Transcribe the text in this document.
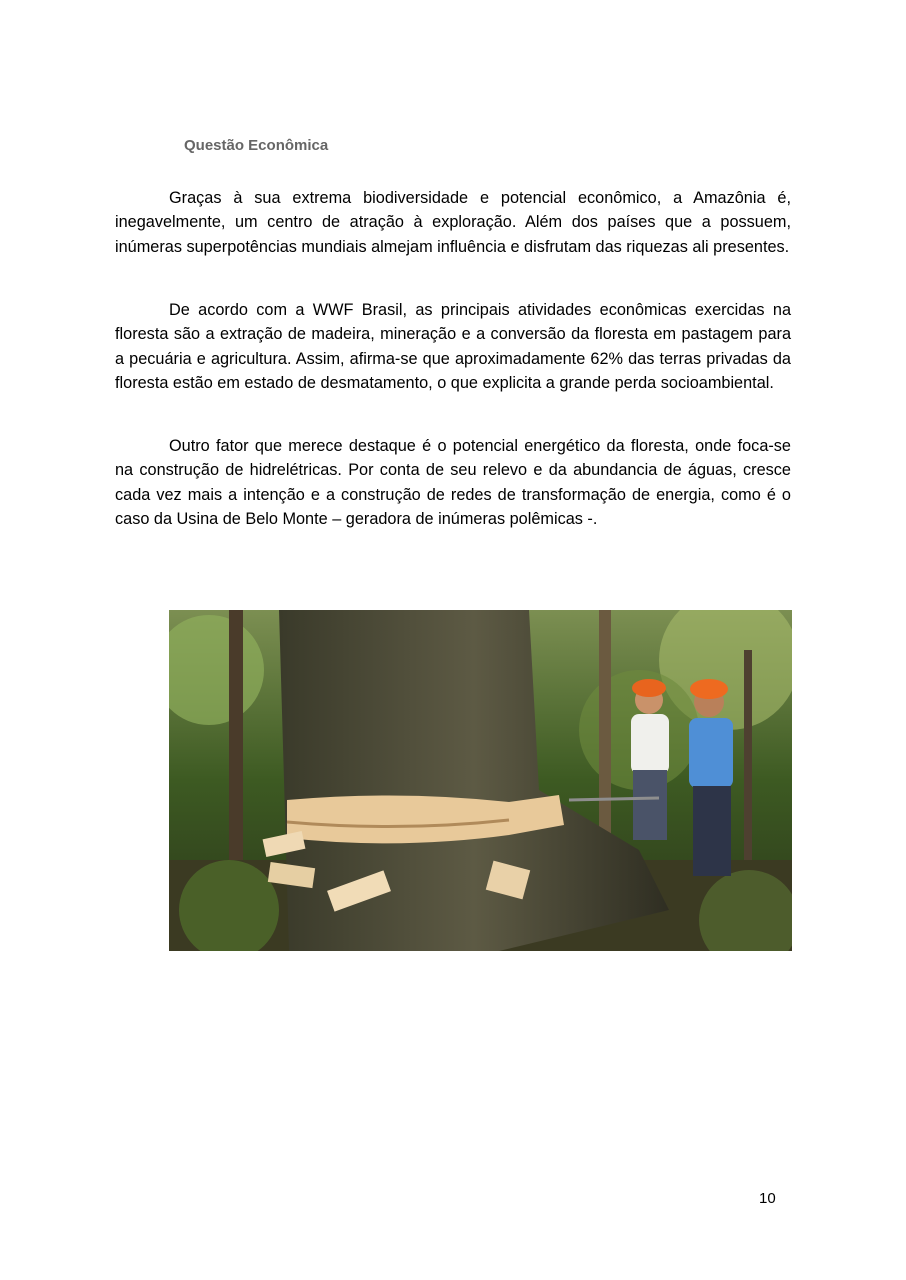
Questão Econômica

Graças à sua extrema biodiversidade e potencial econômico, a Amazônia é, inegavelmente, um centro de atração à exploração. Além dos países que a possuem, inúmeras superpotências mundiais almejam influência e disfrutam das riquezas ali presentes.

De acordo com a WWF Brasil, as principais atividades econômicas exercidas na floresta são a extração de madeira, mineração e a conversão da floresta em pastagem para a pecuária e agricultura. Assim, afirma-se que aproximadamente 62% das terras privadas da floresta estão em estado de desmatamento, o que explicita a grande perda socioambiental.

Outro fator que merece destaque é o potencial energético da floresta, onde foca-se na construção de hidrelétricas. Por conta de seu relevo e da abundancia de águas, cresce cada vez mais a intenção e a construção de redes de transformação de energia, como é o caso da Usina de Belo Monte – geradora de inúmeras polêmicas -.

10
